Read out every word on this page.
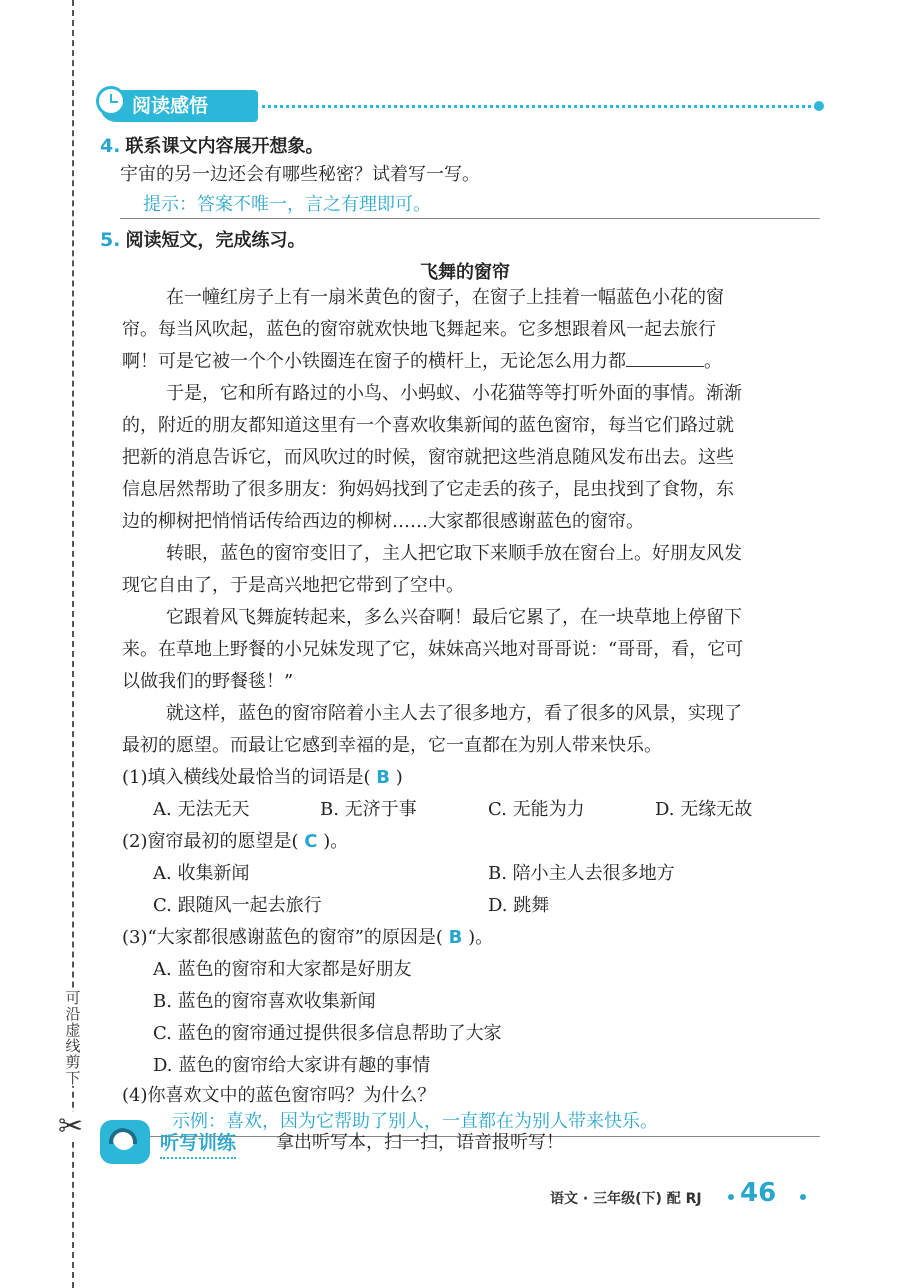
可
沿
虚
线
剪
下
✂
阅读感悟
4. 联系课文内容展开想象。
宇宙的另一边还会有哪些秘密？试着写一写。
提示：答案不唯一，言之有理即可。
5. 阅读短文，完成练习。
飞舞的窗帘
在一幢红房子上有一扇米黄色的窗子，在窗子上挂着一幅蓝色小花的窗
帘。每当风吹起，蓝色的窗帘就欢快地飞舞起来。它多想跟着风一起去旅行
啊！可是它被一个个小铁圈连在窗子的横杆上，无论怎么用力都	。
于是，它和所有路过的小鸟、小蚂蚁、小花猫等等打听外面的事情。渐渐
的，附近的朋友都知道这里有一个喜欢收集新闻的蓝色窗帘，每当它们路过就
把新的消息告诉它，而风吹过的时候，窗帘就把这些消息随风发布出去。这些
信息居然帮助了很多朋友：狗妈妈找到了它走丢的孩子，昆虫找到了食物，东
边的柳树把悄悄话传给西边的柳树……大家都很感谢蓝色的窗帘。
转眼，蓝色的窗帘变旧了，主人把它取下来顺手放在窗台上。好朋友风发
现它自由了，于是高兴地把它带到了空中。
它跟着风飞舞旋转起来，多么兴奋啊！最后它累了，在一块草地上停留下
来。在草地上野餐的小兄妹发现了它，妹妹高兴地对哥哥说：“哥哥，看，它可
以做我们的野餐毯！”
就这样，蓝色的窗帘陪着小主人去了很多地方，看了很多的风景，实现了
最初的愿望。而最让它感到幸福的是，它一直都在为别人带来快乐。
(1)填入横线处最恰当的词语是( B )
A. 无法无天	B. 无济于事	C. 无能为力	D. 无缘无故
(2)窗帘最初的愿望是( C )。
A. 收集新闻	B. 陪小主人去很多地方
C. 跟随风一起去旅行	D. 跳舞
(3)“大家都很感谢蓝色的窗帘”的原因是( B )。
A. 蓝色的窗帘和大家都是好朋友
B. 蓝色的窗帘喜欢收集新闻
C. 蓝色的窗帘通过提供很多信息帮助了大家
D. 蓝色的窗帘给大家讲有趣的事情
(4)你喜欢文中的蓝色窗帘吗？为什么？
示例：喜欢，因为它帮助了别人，一直都在为别人带来快乐。
听写训练 拿出听写本，扫一扫，语音报听写！
语文 · 三年级(下) 配 RJ 46
